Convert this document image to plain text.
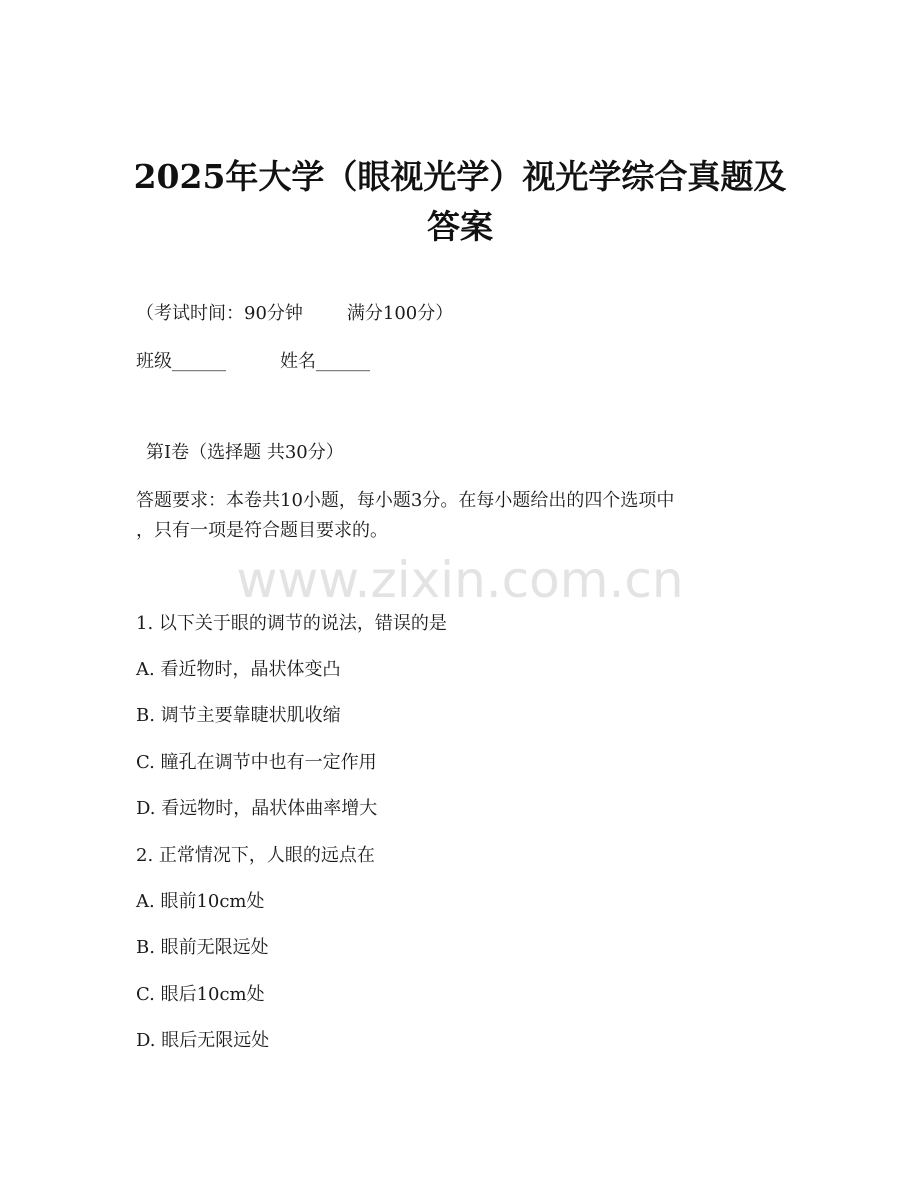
2025年大学（眼视光学）视光学综合真题及
答案
（考试时间：90分钟 满分100分）
班级______	姓名______
第I卷（选择题 共30分）
答题要求：本卷共10小题，每小题3分。在每小题给出的四个选项中
，只有一项是符合题目要求的。
www.zixin.com.cn
1. 以下关于眼的调节的说法，错误的是
A. 看近物时，晶状体变凸
B. 调节主要靠睫状肌收缩
C. 瞳孔在调节中也有一定作用
D. 看远物时，晶状体曲率增大
2. 正常情况下，人眼的远点在
A. 眼前10cm处
B. 眼前无限远处
C. 眼后10cm处
D. 眼后无限远处
